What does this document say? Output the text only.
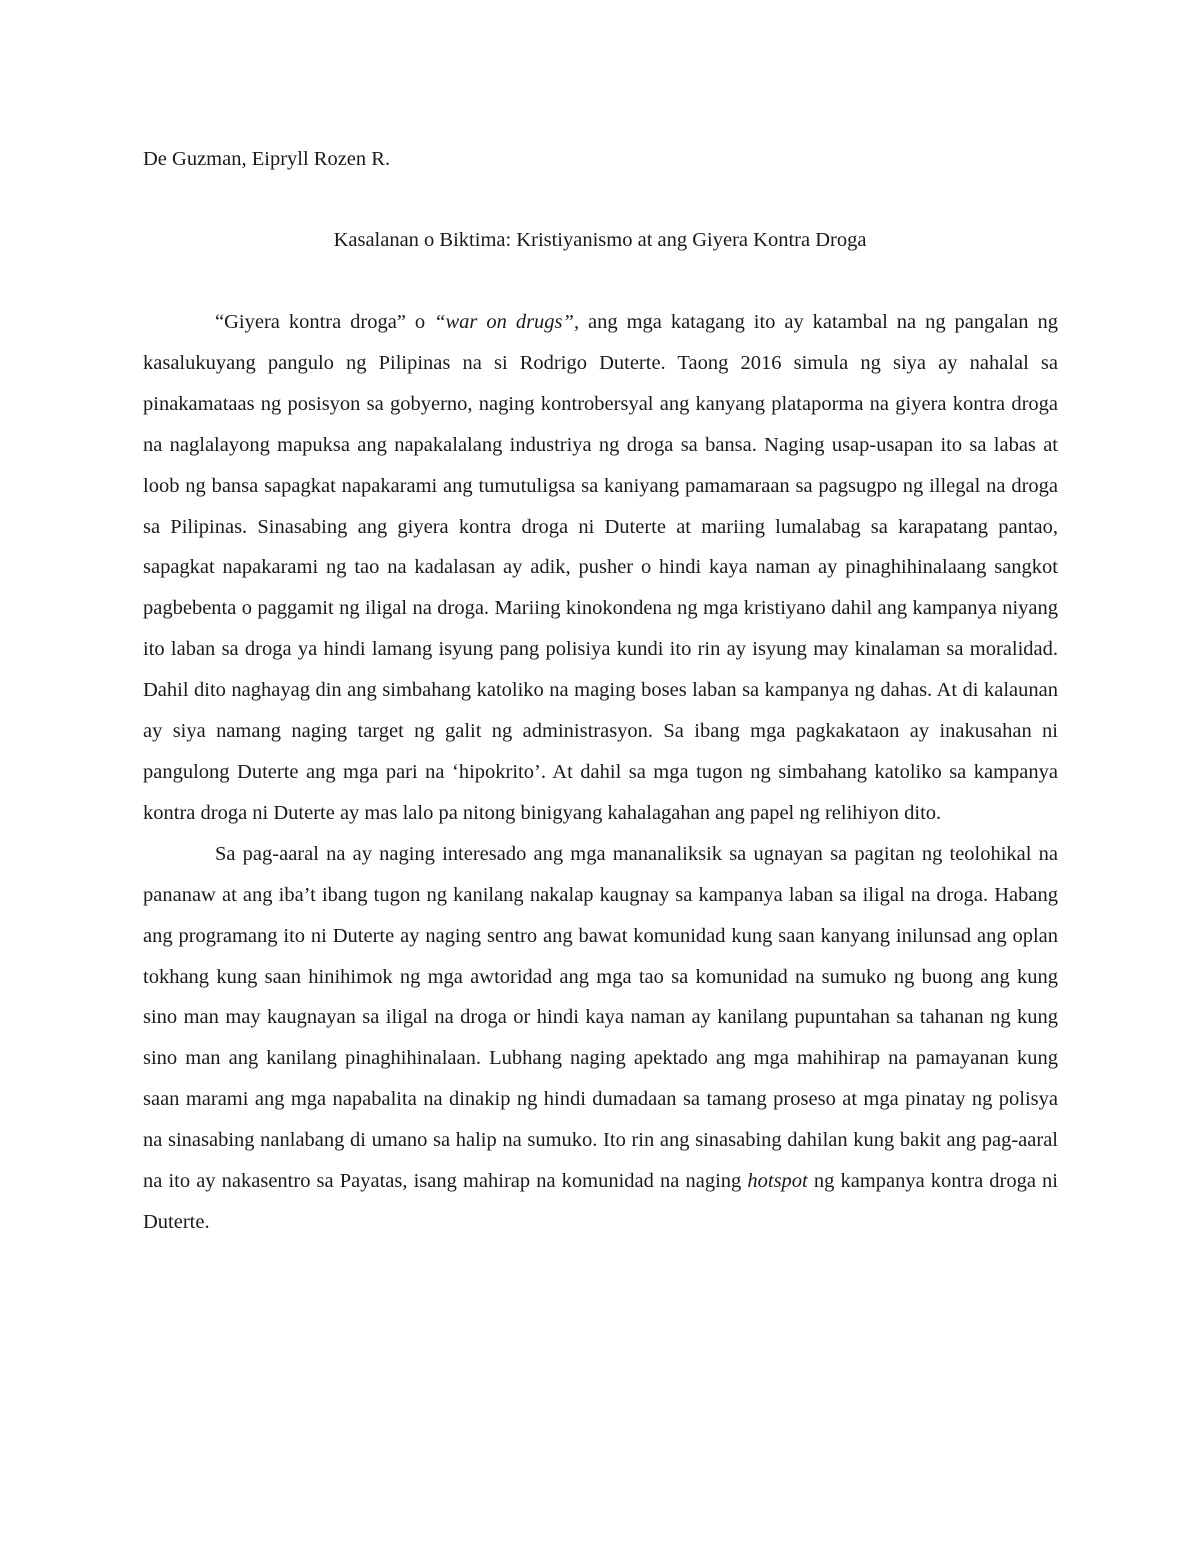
De Guzman, Eipryll Rozen R.
Kasalanan o Biktima: Kristiyanismo at ang Giyera Kontra Droga

“Giyera kontra droga” o “war on drugs”, ang mga katagang ito ay katambal na ng pangalan ng kasalukuyang pangulo ng Pilipinas na si Rodrigo Duterte. Taong 2016 simula ng siya ay nahalal sa pinakamataas ng posisyon sa gobyerno, naging kontrobersyal ang kanyang plataporma na giyera kontra droga na naglalayong mapuksa ang napakalalang industriya ng droga sa bansa. Naging usap-usapan ito sa labas at loob ng bansa sapagkat napakarami ang tumutuligsa sa kaniyang pamamaraan sa pagsugpo ng illegal na droga sa Pilipinas. Sinasabing ang giyera kontra droga ni Duterte at mariing lumalabag sa karapatang pantao, sapagkat napakarami ng tao na kadalasan ay adik, pusher o hindi kaya naman ay pinaghihinalaang sangkot pagbebenta o paggamit ng iligal na droga. Mariing kinokondena ng mga kristiyano dahil ang kampanya niyang ito laban sa droga ya hindi lamang isyung pang polisiya kundi ito rin ay isyung may kinalaman sa moralidad. Dahil dito naghayag din ang simbahang katoliko na maging boses laban sa kampanya ng dahas. At di kalaunan ay siya namang naging target ng galit ng administrasyon. Sa ibang mga pagkakataon ay inakusahan ni pangulong Duterte ang mga pari na ‘hipokrito’. At dahil sa mga tugon ng simbahang katoliko sa kampanya kontra droga ni Duterte ay mas lalo pa nitong binigyang kahalagahan ang papel ng relihiyon dito.

Sa pag-aaral na ay naging interesado ang mga mananaliksik sa ugnayan sa pagitan ng teolohikal na pananaw at ang iba’t ibang tugon ng kanilang nakalap kaugnay sa kampanya laban sa iligal na droga. Habang ang programang ito ni Duterte ay naging sentro ang bawat komunidad kung saan kanyang inilunsad ang oplan tokhang kung saan hinihimok ng mga awtoridad ang mga tao sa komunidad na sumuko ng buong ang kung sino man may kaugnayan sa iligal na droga or hindi kaya naman ay kanilang pupuntahan sa tahanan ng kung sino man ang kanilang pinaghihinalaan. Lubhang naging apektado ang mga mahihirap na pamayanan kung saan marami ang mga napabalita na dinakip ng hindi dumadaan sa tamang proseso at mga pinatay ng polisya na sinasabing nanlabang di umano sa halip na sumuko. Ito rin ang sinasabing dahilan kung bakit ang pag-aaral na ito ay nakasentro sa Payatas, isang mahirap na komunidad na naging hotspot ng kampanya kontra droga ni Duterte.
